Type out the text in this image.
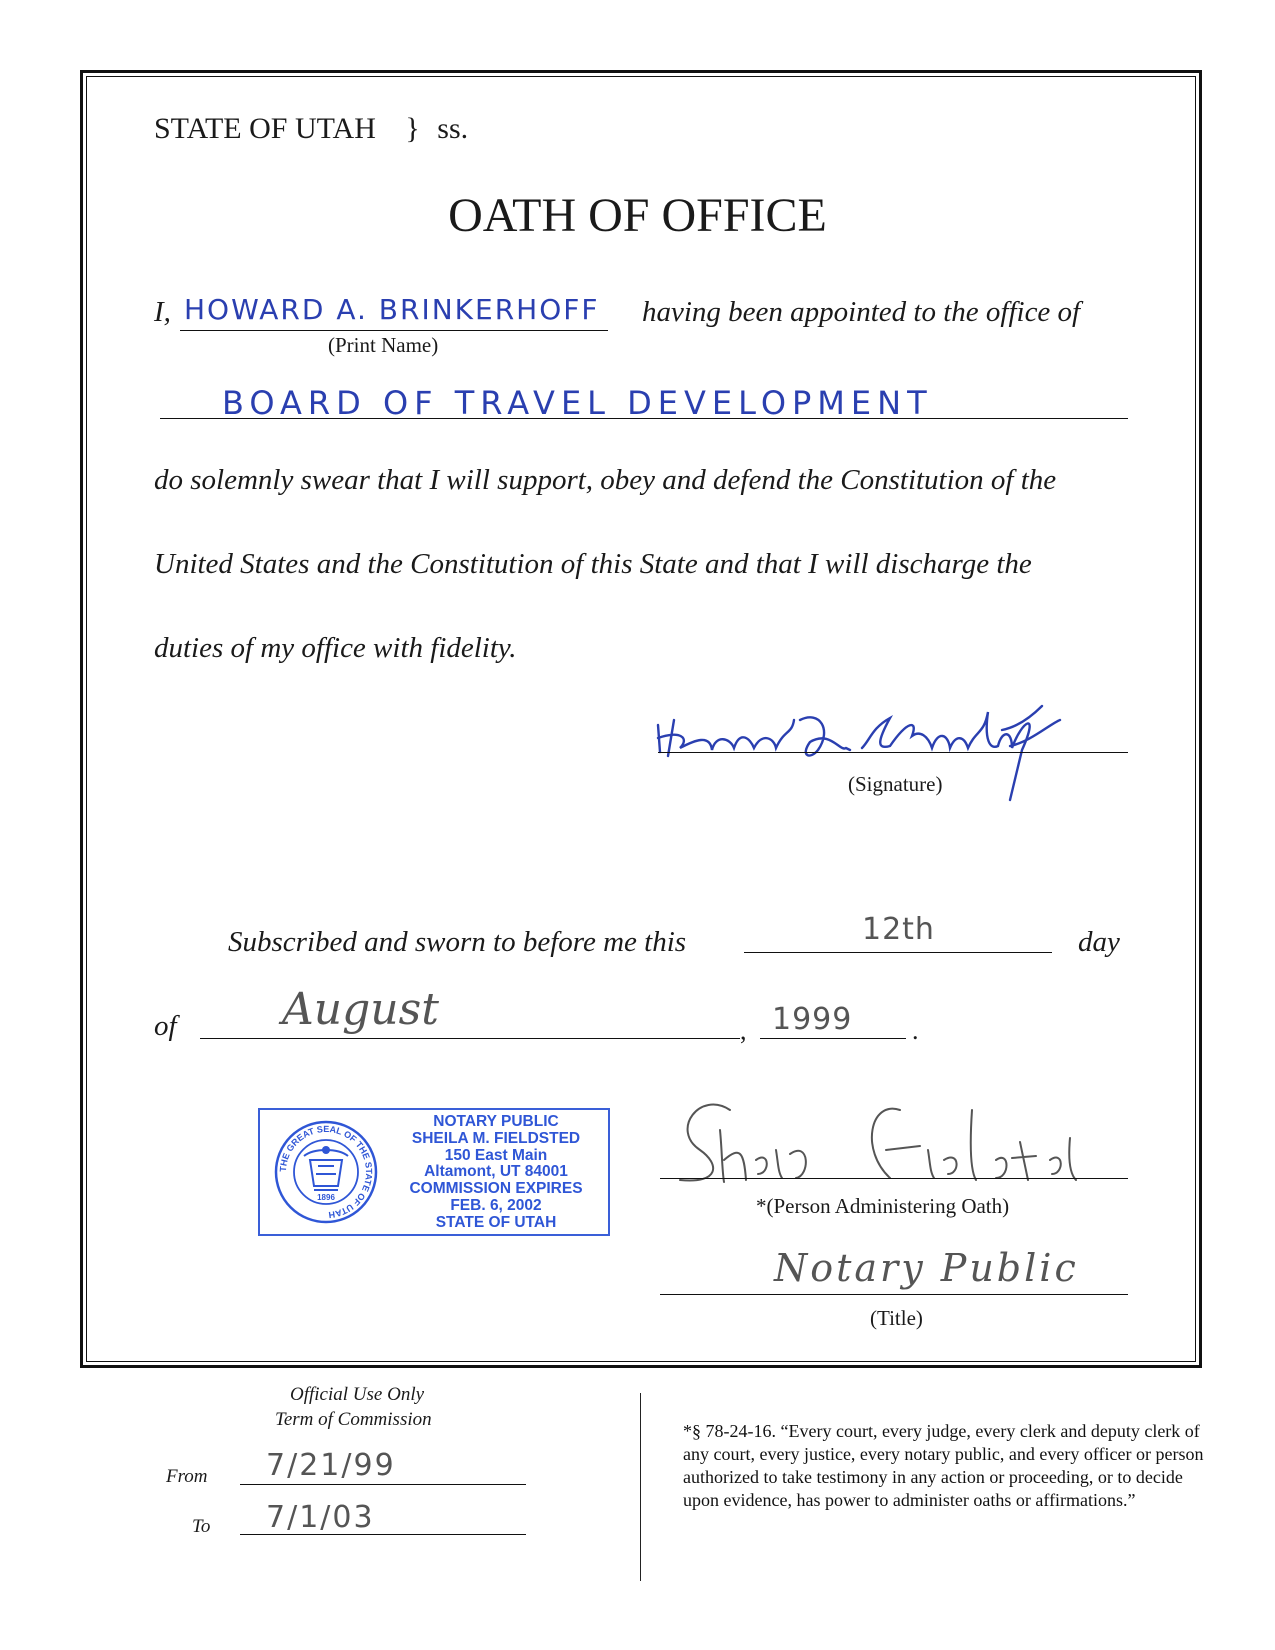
STATE OF UTAH } ss.
OATH OF OFFICE
I, HOWARD A. BRINKERHOFF having been appointed to the office of
(Print Name)
BOARD OF TRAVEL DEVELOPMENT
do solemnly swear that I will support, obey and defend the Constitution of the
United States and the Constitution of this State and that I will discharge the
duties of my office with fidelity.
(Signature)
Subscribed and sworn to before me this	12th	day
of August	, 1999 .
THE GREAT SEAL OF THE STATE OF UTAH
1896
NOTARY PUBLIC
SHEILA M. FIELDSTED
150 East Main
Altamont, UT 84001
COMMISSION EXPIRES
FEB. 6, 2002
STATE OF UTAH
*(Person Administering Oath)
Notary Public
(Title)
Official Use Only
Term of Commission
From 7/21/99
To 7/1/03
*§ 78-24-16. “Every court, every judge, every clerk and deputy clerk of any court, every justice, every notary public, and every officer or person authorized to take testimony in any action or proceeding, or to decide upon evidence, has power to administer oaths or affirmations.”
